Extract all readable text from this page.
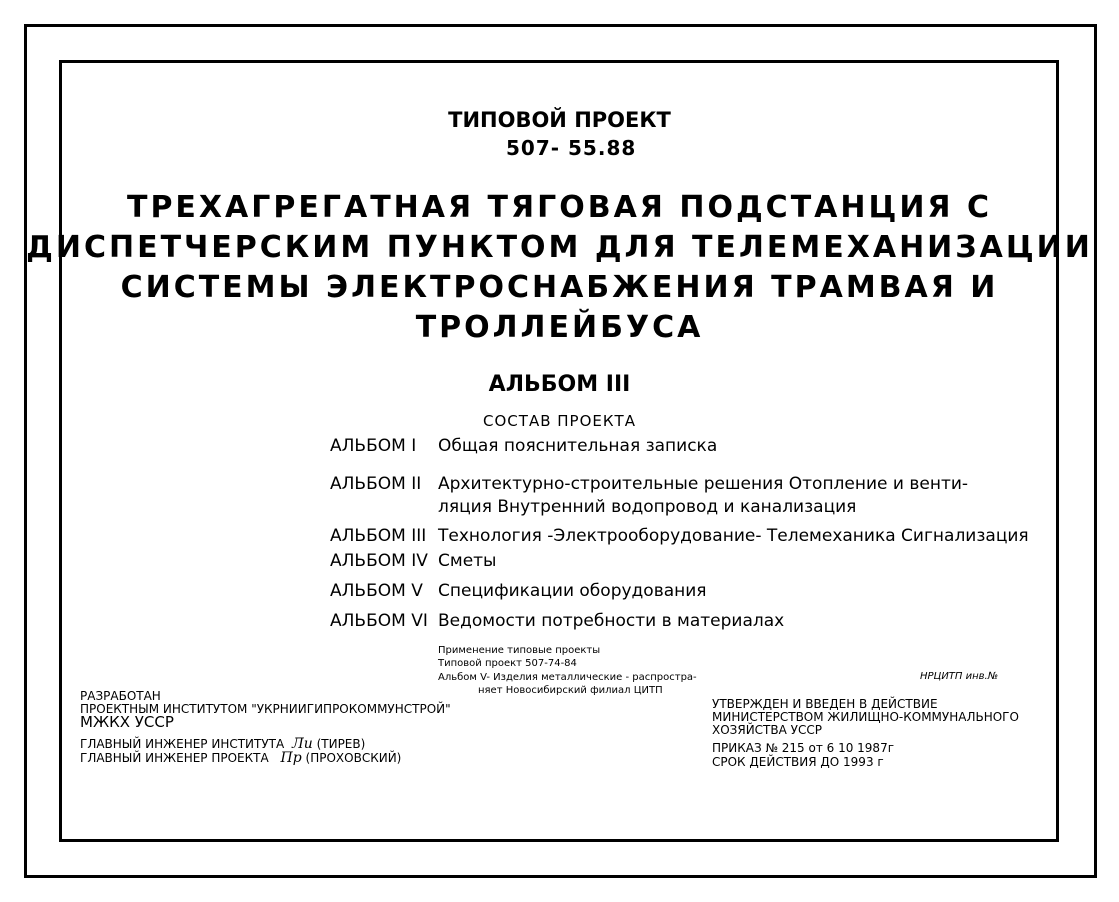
ТИПОВОЙ ПРОЕКТ
507- 55.88
ТРЕХАГРЕГАТНАЯ ТЯГОВАЯ ПОДСТАНЦИЯ С
ДИСПЕТЧЕРСКИМ ПУНКТОМ ДЛЯ ТЕЛЕМЕХАНИЗАЦИИ
СИСТЕМЫ ЭЛЕКТРОСНАБЖЕНИЯ ТРАМВАЯ И
ТРОЛЛЕЙБУСА
АЛЬБОМ III
СОСТАВ ПРОЕКТА
АЛЬБОМ I Общая пояснительная записка
АЛЬБОМ II Архитектурно-строительные решения Отопление и венти-
ляция Внутренний водопровод и канализация
АЛЬБОМ III Технология -Электрооборудование- Телемеханика Сигнализация
АЛЬБОМ IV Сметы
АЛЬБОМ V Спецификации оборудования
АЛЬБОМ VI Ведомости потребности в материалах
Применение типовые проекты
Типовой проект 507-74-84
Альбом V- Изделия металлические - распростра-
няет Новосибирский филиал ЦИТП
РАЗРАБОТАН
ПРОЕКТНЫМ ИНСТИТУТОМ "УКРНИИГИПРОКОММУНСТРОЙ"
МЖКХ УССР
ГЛАВНЫЙ ИНЖЕНЕР ИНСТИТУТА Ли (ТИРЕВ)
ГЛАВНЫЙ ИНЖЕНЕР ПРОЕКТА Пр (ПРОХОВСКИЙ)
НРЦИТП инв.№
УТВЕРЖДЕН И ВВЕДЕН В ДЕЙСТВИЕ
МИНИСТЕРСТВОМ ЖИЛИЩНО-КОММУНАЛЬНОГО
ХОЗЯЙСТВА УССР
ПРИКАЗ № 215 от 6 10 1987г
СРОК ДЕЙСТВИЯ ДО 1993 г
